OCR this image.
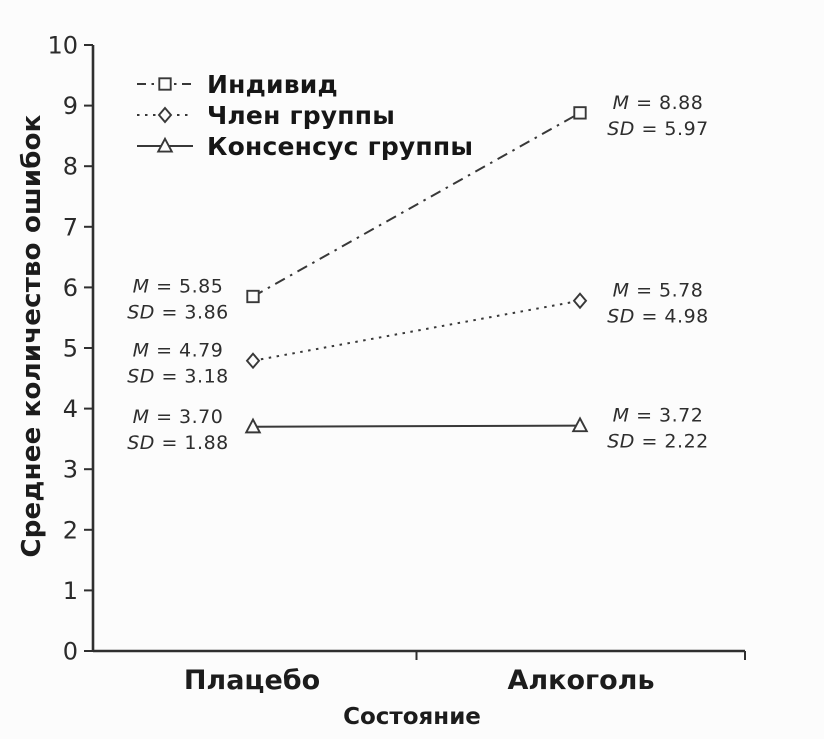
0
1
2
3
4
5
6
7
8
9
10
M = 5.85
SD = 3.86
M = 8.88
SD = 5.97
M = 4.79
SD = 3.18
M = 5.78
SD = 4.98
M = 3.70
SD = 1.88
M = 3.72
SD = 2.22
Среднее количество ошибок
Индивид
Член группы
Консенсус группы
Плацебо	Алкоголь
Состояние
